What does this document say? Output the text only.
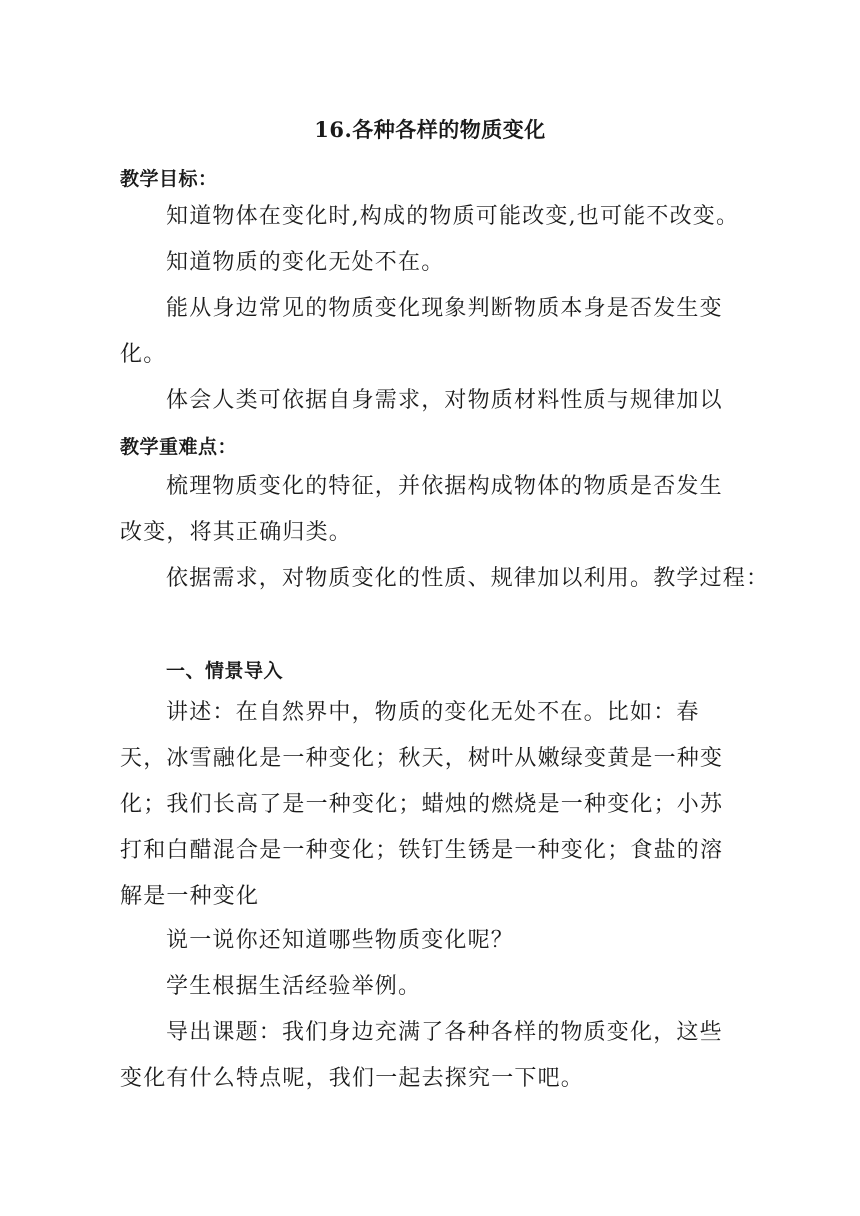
16.各种各样的物质变化
教学目标：

知道物体在变化时,构成的物质可能改变,也可能不改变。

知道物质的变化无处不在。

能从身边常见的物质变化现象判断物质本身是否发生变化。

体会人类可依据自身需求，对物质材料性质与规律加以

教学重难点：

梳理物质变化的特征，并依据构成物体的物质是否发生改变，将其正确归类。

依据需求，对物质变化的性质、规律加以利用。教学过程：

一、情景导入

讲述：在自然界中，物质的变化无处不在。比如：春天，冰雪融化是一种变化；秋天，树叶从嫩绿变黄是一种变化；我们长高了是一种变化；蜡烛的燃烧是一种变化；小苏打和白醋混合是一种变化；铁钉生锈是一种变化；食盐的溶解是一种变化

说一说你还知道哪些物质变化呢？

学生根据生活经验举例。

导出课题：我们身边充满了各种各样的物质变化，这些变化有什么特点呢，我们一起去探究一下吧。
